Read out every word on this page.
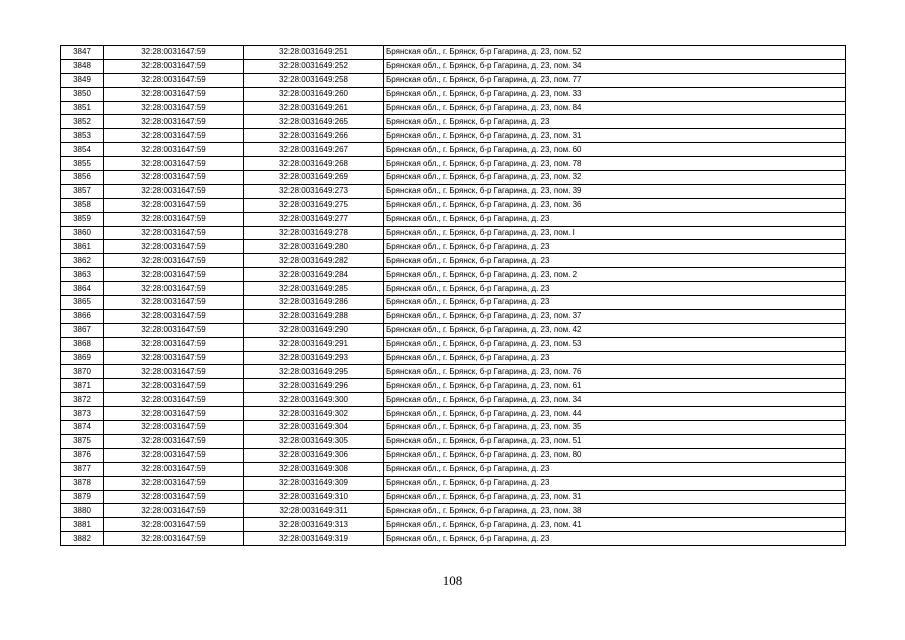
3847	32:28:0031647:59	32:28:0031649:251	Брянская обл., г. Брянск, б-р Гагарина, д. 23, пом. 52
3848	32:28:0031647:59	32:28:0031649:252	Брянская обл., г. Брянск, б-р Гагарина, д. 23, пом. 34
3849	32:28:0031647:59	32:28:0031649:258	Брянская обл., г. Брянск, б-р Гагарина, д. 23, пом. 77
3850	32:28:0031647:59	32:28:0031649:260	Брянская обл., г. Брянск, б-р Гагарина, д. 23, пом. 33
3851	32:28:0031647:59	32:28:0031649:261	Брянская обл., г. Брянск, б-р Гагарина, д. 23, пом. 84
3852	32:28:0031647:59	32:28:0031649:265	Брянская обл., г. Брянск, б-р Гагарина, д. 23
3853	32:28:0031647:59	32:28:0031649:266	Брянская обл., г. Брянск, б-р Гагарина, д. 23, пом. 31
3854	32:28:0031647:59	32:28:0031649:267	Брянская обл., г. Брянск, б-р Гагарина, д. 23, пом. 60
3855	32:28:0031647:59	32:28:0031649:268	Брянская обл., г. Брянск, б-р Гагарина, д. 23, пом. 78
3856	32:28:0031647:59	32:28:0031649:269	Брянская обл., г. Брянск, б-р Гагарина, д. 23, пом. 32
3857	32:28:0031647:59	32:28:0031649:273	Брянская обл., г. Брянск, б-р Гагарина, д. 23, пом. 39
3858	32:28:0031647:59	32:28:0031649:275	Брянская обл., г. Брянск, б-р Гагарина, д. 23, пом. 36
3859	32:28:0031647:59	32:28:0031649:277	Брянская обл., г. Брянск, б-р Гагарина, д. 23
3860	32:28:0031647:59	32:28:0031649:278	Брянская обл., г. Брянск, б-р Гагарина, д. 23, пом. I
3861	32:28:0031647:59	32:28:0031649:280	Брянская обл., г. Брянск, б-р Гагарина, д. 23
3862	32:28:0031647:59	32:28:0031649:282	Брянская обл., г. Брянск, б-р Гагарина, д. 23
3863	32:28:0031647:59	32:28:0031649:284	Брянская обл., г. Брянск, б-р Гагарина, д. 23, пом. 2
3864	32:28:0031647:59	32:28:0031649:285	Брянская обл., г. Брянск, б-р Гагарина, д. 23
3865	32:28:0031647:59	32:28:0031649:286	Брянская обл., г. Брянск, б-р Гагарина, д. 23
3866	32:28:0031647:59	32:28:0031649:288	Брянская обл., г. Брянск, б-р Гагарина, д. 23, пом. 37
3867	32:28:0031647:59	32:28:0031649:290	Брянская обл., г. Брянск, б-р Гагарина, д. 23, пом. 42
3868	32:28:0031647:59	32:28:0031649:291	Брянская обл., г. Брянск, б-р Гагарина, д. 23, пом. 53
3869	32:28:0031647:59	32:28:0031649:293	Брянская обл., г. Брянск, б-р Гагарина, д. 23
3870	32:28:0031647:59	32:28:0031649:295	Брянская обл., г. Брянск, б-р Гагарина, д. 23, пом. 76
3871	32:28:0031647:59	32:28:0031649:296	Брянская обл., г. Брянск, б-р Гагарина, д. 23, пом. 61
3872	32:28:0031647:59	32:28:0031649:300	Брянская обл., г. Брянск, б-р Гагарина, д. 23, пом. 34
3873	32:28:0031647:59	32:28:0031649:302	Брянская обл., г. Брянск, б-р Гагарина, д. 23, пом. 44
3874	32:28:0031647:59	32:28:0031649:304	Брянская обл., г. Брянск, б-р Гагарина, д. 23, пом. 35
3875	32:28:0031647:59	32:28:0031649:305	Брянская обл., г. Брянск, б-р Гагарина, д. 23, пом. 51
3876	32:28:0031647:59	32:28:0031649:306	Брянская обл., г. Брянск, б-р Гагарина, д. 23, пом. 80
3877	32:28:0031647:59	32:28:0031649:308	Брянская обл., г. Брянск, б-р Гагарина, д. 23
3878	32:28:0031647:59	32:28:0031649:309	Брянская обл., г. Брянск, б-р Гагарина, д. 23
3879	32:28:0031647:59	32:28:0031649:310	Брянская обл., г. Брянск, б-р Гагарина, д. 23, пом. 31
3880	32:28:0031647:59	32:28:0031649:311	Брянская обл., г. Брянск, б-р Гагарина, д. 23, пом. 38
3881	32:28:0031647:59	32:28:0031649:313	Брянская обл., г. Брянск, б-р Гагарина, д. 23, пом. 41
3882	32:28:0031647:59	32:28:0031649:319	Брянская обл., г. Брянск, б-р Гагарина, д. 23
108
